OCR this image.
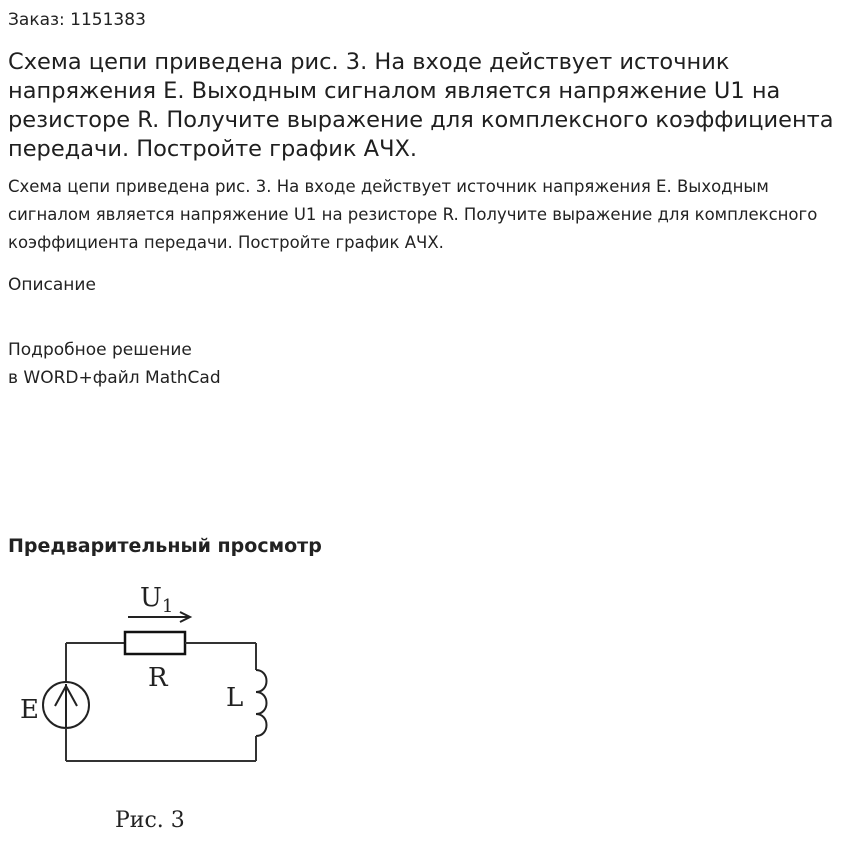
Заказ: 1151383
Схема цепи приведена рис. 3. На входе действует источник напряжения E. Выходным сигналом является напряжение U1 на резисторе R. Получите выражение для комплексного коэффициента передачи. Постройте график АЧХ.

Схема цепи приведена рис. 3. На входе действует источник напряжения E. Выходным сигналом является напряжение U1 на резисторе R. Получите выражение для комплексного коэффициента передачи. Постройте график АЧХ.

Описание
Подробное решение
в WORD+файл MathCad
Предварительный просмотр
$U_1$
R
L
E
Рис. 3
